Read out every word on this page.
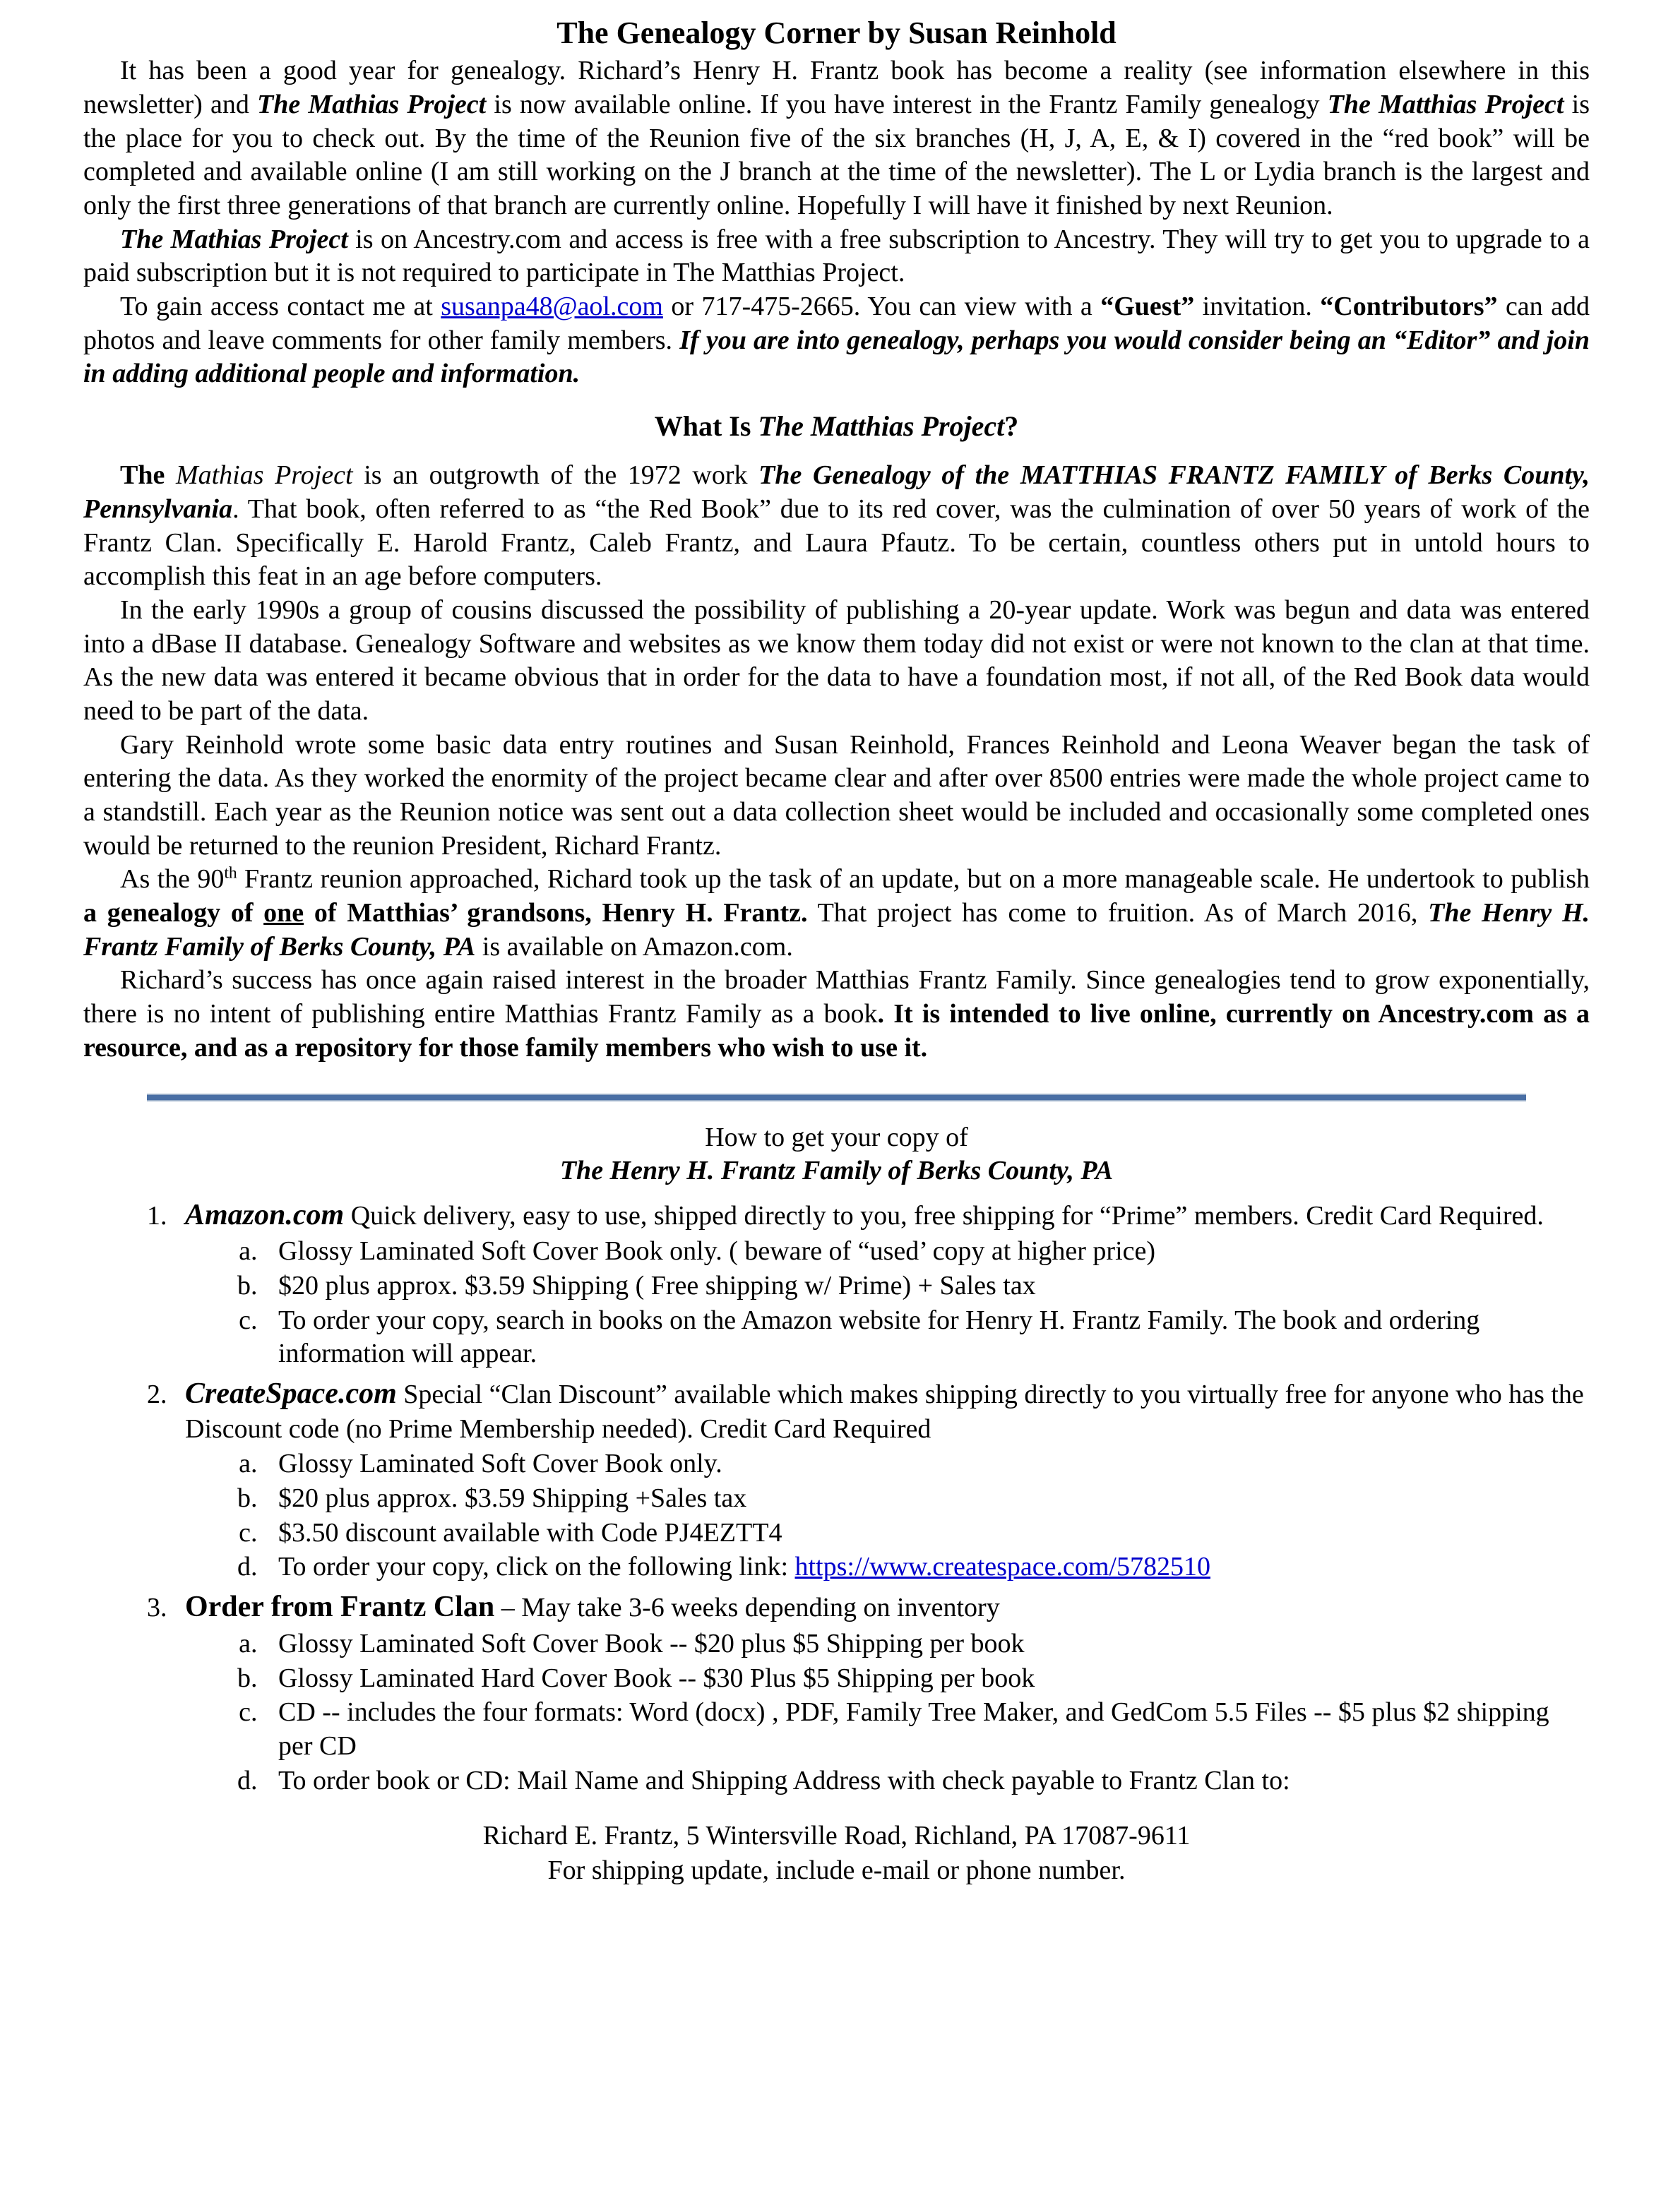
The Genealogy Corner by Susan Reinhold

It has been a good year for genealogy. Richard’s Henry H. Frantz book has become a reality (see information elsewhere in this newsletter) and The Mathias Project is now available online. If you have interest in the Frantz Family genealogy The Matthias Project is the place for you to check out. By the time of the Reunion five of the six branches (H, J, A, E, & I) covered in the “red book” will be completed and available online (I am still working on the J branch at the time of the newsletter). The L or Lydia branch is the largest and only the first three generations of that branch are currently online. Hopefully I will have it finished by next Reunion.

The Mathias Project is on Ancestry.com and access is free with a free subscription to Ancestry. They will try to get you to upgrade to a paid subscription but it is not required to participate in The Matthias Project.

To gain access contact me at susanpa48@aol.com or 717-475-2665. You can view with a “Guest” invitation. “Contributors” can add photos and leave comments for other family members. If you are into genealogy, perhaps you would consider being an “Editor” and join in adding additional people and information.

What Is The Matthias Project?

The Mathias Project is an outgrowth of the 1972 work The Genealogy of the MATTHIAS FRANTZ FAMILY of Berks County, Pennsylvania. That book, often referred to as “the Red Book” due to its red cover, was the culmination of over 50 years of work of the Frantz Clan. Specifically E. Harold Frantz, Caleb Frantz, and Laura Pfautz. To be certain, countless others put in untold hours to accomplish this feat in an age before computers.

In the early 1990s a group of cousins discussed the possibility of publishing a 20-year update. Work was begun and data was entered into a dBase II database. Genealogy Software and websites as we know them today did not exist or were not known to the clan at that time. As the new data was entered it became obvious that in order for the data to have a foundation most, if not all, of the Red Book data would need to be part of the data.

Gary Reinhold wrote some basic data entry routines and Susan Reinhold, Frances Reinhold and Leona Weaver began the task of entering the data. As they worked the enormity of the project became clear and after over 8500 entries were made the whole project came to a standstill. Each year as the Reunion notice was sent out a data collection sheet would be included and occasionally some completed ones would be returned to the reunion President, Richard Frantz.

As the 90th Frantz reunion approached, Richard took up the task of an update, but on a more manageable scale. He undertook to publish a genealogy of one of Matthias’ grandsons, Henry H. Frantz. That project has come to fruition. As of March 2016, The Henry H. Frantz Family of Berks County, PA is available on Amazon.com.

Richard’s success has once again raised interest in the broader Matthias Frantz Family. Since genealogies tend to grow exponentially, there is no intent of publishing entire Matthias Frantz Family as a book. It is intended to live online, currently on Ancestry.com as a resource, and as a repository for those family members who wish to use it.

How to get your copy of
The Henry H. Frantz Family of Berks County, PA
1. Amazon.com Quick delivery, easy to use, shipped directly to you, free shipping for “Prime” members. Credit Card Required.
a. Glossy Laminated Soft Cover Book only. ( beware of “used’ copy at higher price)
b. $20 plus approx. $3.59 Shipping ( Free shipping w/ Prime) + Sales tax
c. To order your copy, search in books on the Amazon website for Henry H. Frantz Family. The book and ordering information will appear.
2. CreateSpace.com Special “Clan Discount” available which makes shipping directly to you virtually free for anyone who has the Discount code (no Prime Membership needed). Credit Card Required
a. Glossy Laminated Soft Cover Book only.
b. $20 plus approx. $3.59 Shipping +Sales tax
c. $3.50 discount available with Code PJ4EZTT4
d. To order your copy, click on the following link: https://www.createspace.com/5782510
3. Order from Frantz Clan – May take 3-6 weeks depending on inventory
a. Glossy Laminated Soft Cover Book -- $20 plus $5 Shipping per book
b. Glossy Laminated Hard Cover Book -- $30 Plus $5 Shipping per book
c. CD -- includes the four formats: Word (docx) , PDF, Family Tree Maker, and GedCom 5.5 Files -- $5 plus $2 shipping per CD
d. To order book or CD: Mail Name and Shipping Address with check payable to Frantz Clan to:
Richard E. Frantz, 5 Wintersville Road, Richland, PA 17087-9611
For shipping update, include e-mail or phone number.
